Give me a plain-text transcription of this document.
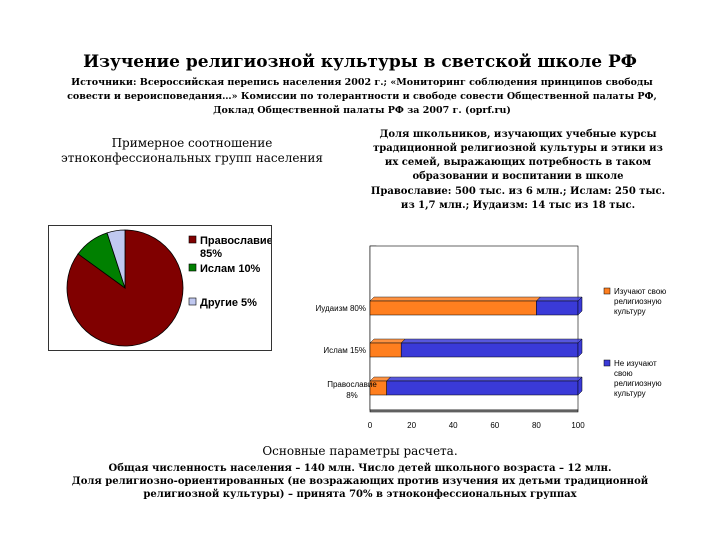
Изучение религиозной культуры в светской школе РФ
Источники: Всероссийская перепись населения 2002 г.; «Мониторинг соблюдения принципов свободы совести и вероисповедания…» Комиссии по толерантности и свободе совести Общественной палаты РФ, Доклад Общественной палаты РФ за 2007 г. (oprf.ru)
Примерное соотношение этноконфессиональных групп населения
Доля школьников, изучающих учебные курсы традиционной религиозной культуры и этики из их семей, выражающих потребность в таком образовании и воспитании в школе
Православие: 500 тыс. из 6 млн.; Ислам: 250 тыс. из 1,7 млн.; Иудаизм: 14 тыс из 18 тыс.
Православие 85%
Ислам 10%
Другие 5%
0	20	40	60	80	100
Иудаизм 80%
Ислам 15%
Православие 8%
Изучают свою религиозную культуру
Не изучают свою религиозную культуру
Основные параметры расчета.
Общая численность населения – 140 млн. Число детей школьного возраста – 12 млн.
Доля религиозно-ориентированных (не возражающих против изучения их детьми традиционной религиозной культуры) – принята 70% в этноконфессиональных группах
